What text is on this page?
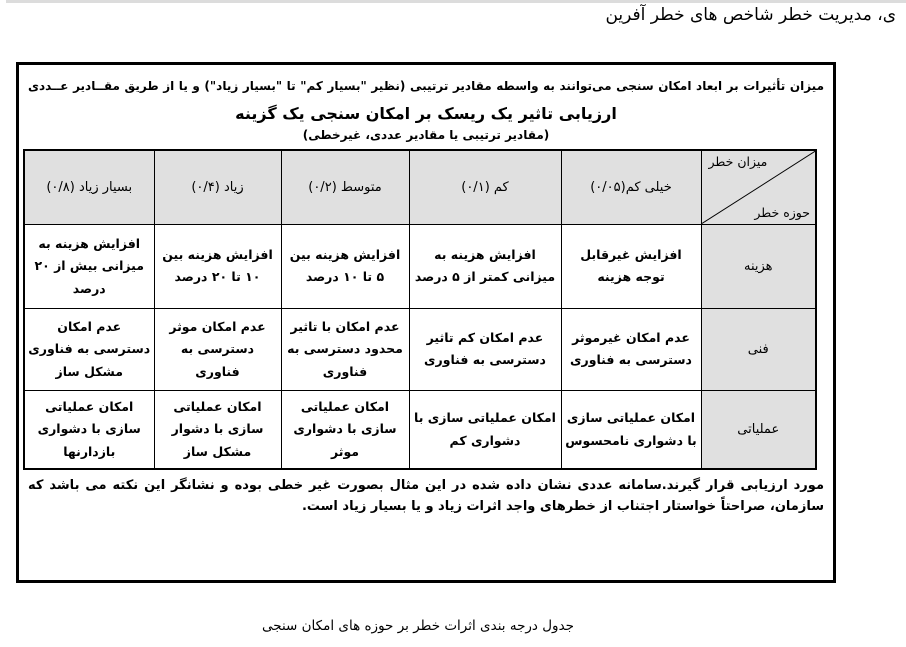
ی، مدیریت خطر شاخص های خطر آفرین
میزان تأثیرات بر ابعاد امکان سنجی می‌توانند به واسطه مقادیر ترتیبی (نظیر "بسیار کم" تا "بسیار زیاد") و یا از طریق مقــادیر عــددی
ارزیابی تاثیر یک ریسک بر امکان سنجی یک گزینه
(مقادیر ترتیبی یا مقادیر عددی، غیرخطی)
میزان خطر
حوزه خطر	خیلی کم(۰/۰۵)	کم (۰/۱)	متوسط (۰/۲)	زیاد (۰/۴)	بسیار زیاد (۰/۸)
هزینه	افزایش غیرقابل توجه هزینه	افزایش هزینه به میزانی کمتر از ۵ درصد	افزایش هزینه بین ۵ تا ۱۰ درصد	افزایش هزینه بین ۱۰ تا ۲۰ درصد	افزایش هزینه به میزانی بیش از ۲۰ درصد
فنی	عدم امکان غیرموثر دسترسی به فناوری	عدم امکان کم تاثیر دسترسی به فناوری	عدم امکان با تاثیر محدود دسترسی به فناوری	عدم امکان موثر دسترسی به فناوری	عدم امکان دسترسی به فناوری مشکل ساز
عملیاتی	امکان عملیاتی سازی با دشواری نامحسوس	امکان عملیاتی سازی با دشواری کم	امکان عملیاتی سازی با دشواری موثر	امکان عملیاتی سازی با دشوار مشکل ساز	امکان عملیاتی سازی با دشواری بازدارنها
مورد ارزیابی قرار گیرند.سامانه عددی نشان داده شده در این مثال بصورت غیر خطی بوده و نشانگر این نکته می باشد که سازمان، صراحتاً خواستار اجتناب از خطرهای واجد اثرات زیاد و یا بسیار زیاد است.
جدول درجه بندی اثرات خطر بر حوزه های امکان سنجی
